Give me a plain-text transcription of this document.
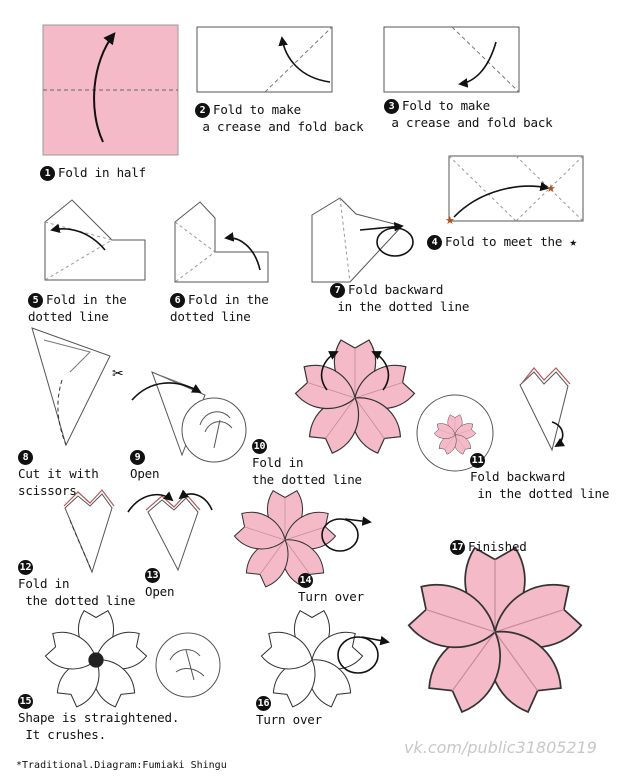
★
★
✂
1 Fold in half
2 Fold to make
a crease and fold back
3 Fold to make
a crease and fold back
4 Fold to meet the ★
5 Fold in the
dotted line
6 Fold in the
dotted line
7 Fold backward
in the dotted line
8
Cut it with
scissors
9
Open
10
Fold in
the dotted line
11
Fold backward
in the dotted line
12
Fold in
the dotted line
13
Open
14
Turn over
15
Shape is straightened.
It crushes.
16
Turn over
17 Finished
*Traditional.Diagram:Fumiaki Shingu
vk.com/public31805219
